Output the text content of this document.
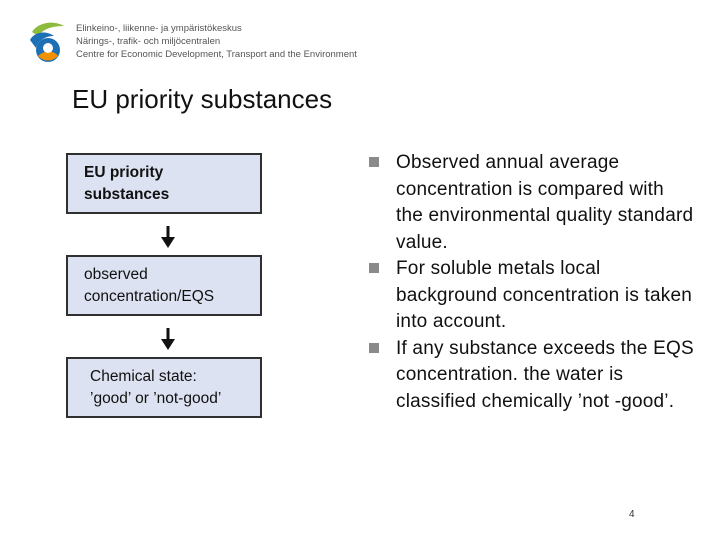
Elinkeino-, liikenne- ja ympäristökeskus
Närings-, trafik- och miljöcentralen
Centre for Economic Development, Transport and the Environment
EU priority substances
EU priority
substances
observed
concentration/EQS
Chemical state:
’good’ or ’not-good’
Observed annual average concentration is compared with the environmental quality standard value.
For soluble metals local background concentration is taken into account.
If any substance exceeds the EQS concentration. the water is classified chemically ’not -good’.
4
